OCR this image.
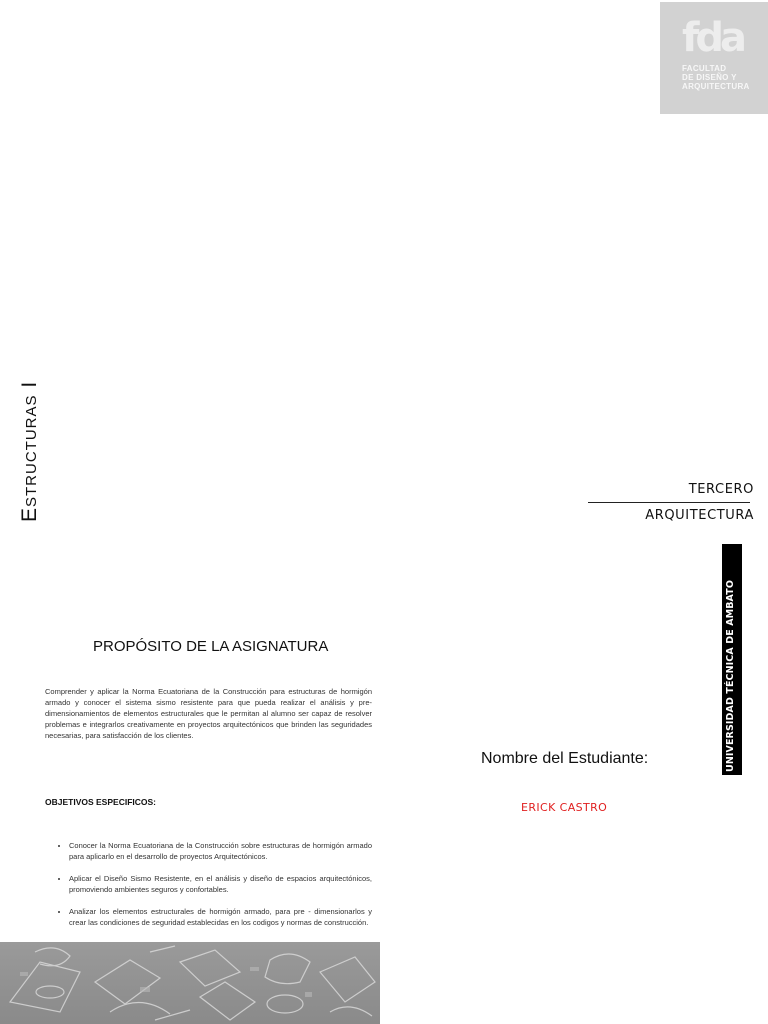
fda
FACULTAD
DE DISEÑO Y
ARQUITECTURA
Estructuras I	TERCERO
ARQUITECTURA
UNIVERSIDAD TÉCNICA DE AMBATO
Nombre del Estudiante:
ERICK CASTRO
PROPÓSITO DE LA ASIGNATURA
Comprender y aplicar la Norma Ecuatoriana de la Construcción para estructuras de hormigón armado y conocer el sistema sismo resistente para que pueda realizar el análisis y pre-dimensionamientos de elementos estructurales que le permitan al alumno ser capaz de resolver problemas e integrarlos creativamente en proyectos arquitectónicos que brinden las seguridades necesarias, para satisfacción de los clientes.
OBJETIVOS ESPECIFICOS:
• Conocer la Norma Ecuatoriana de la Construcción sobre estructuras de hormigón armado para aplicarlo en el desarrollo de proyectos Arquitectónicos.
• Aplicar el Diseño Sismo Resistente, en el análisis y diseño de espacios arquitectónicos, promoviendo ambientes seguros y confortables.
• Analizar los elementos estructurales de hormigón armado, para pre - dimensionarlos y crear las condiciones de seguridad establecidas en los codigos y normas de construcción.
